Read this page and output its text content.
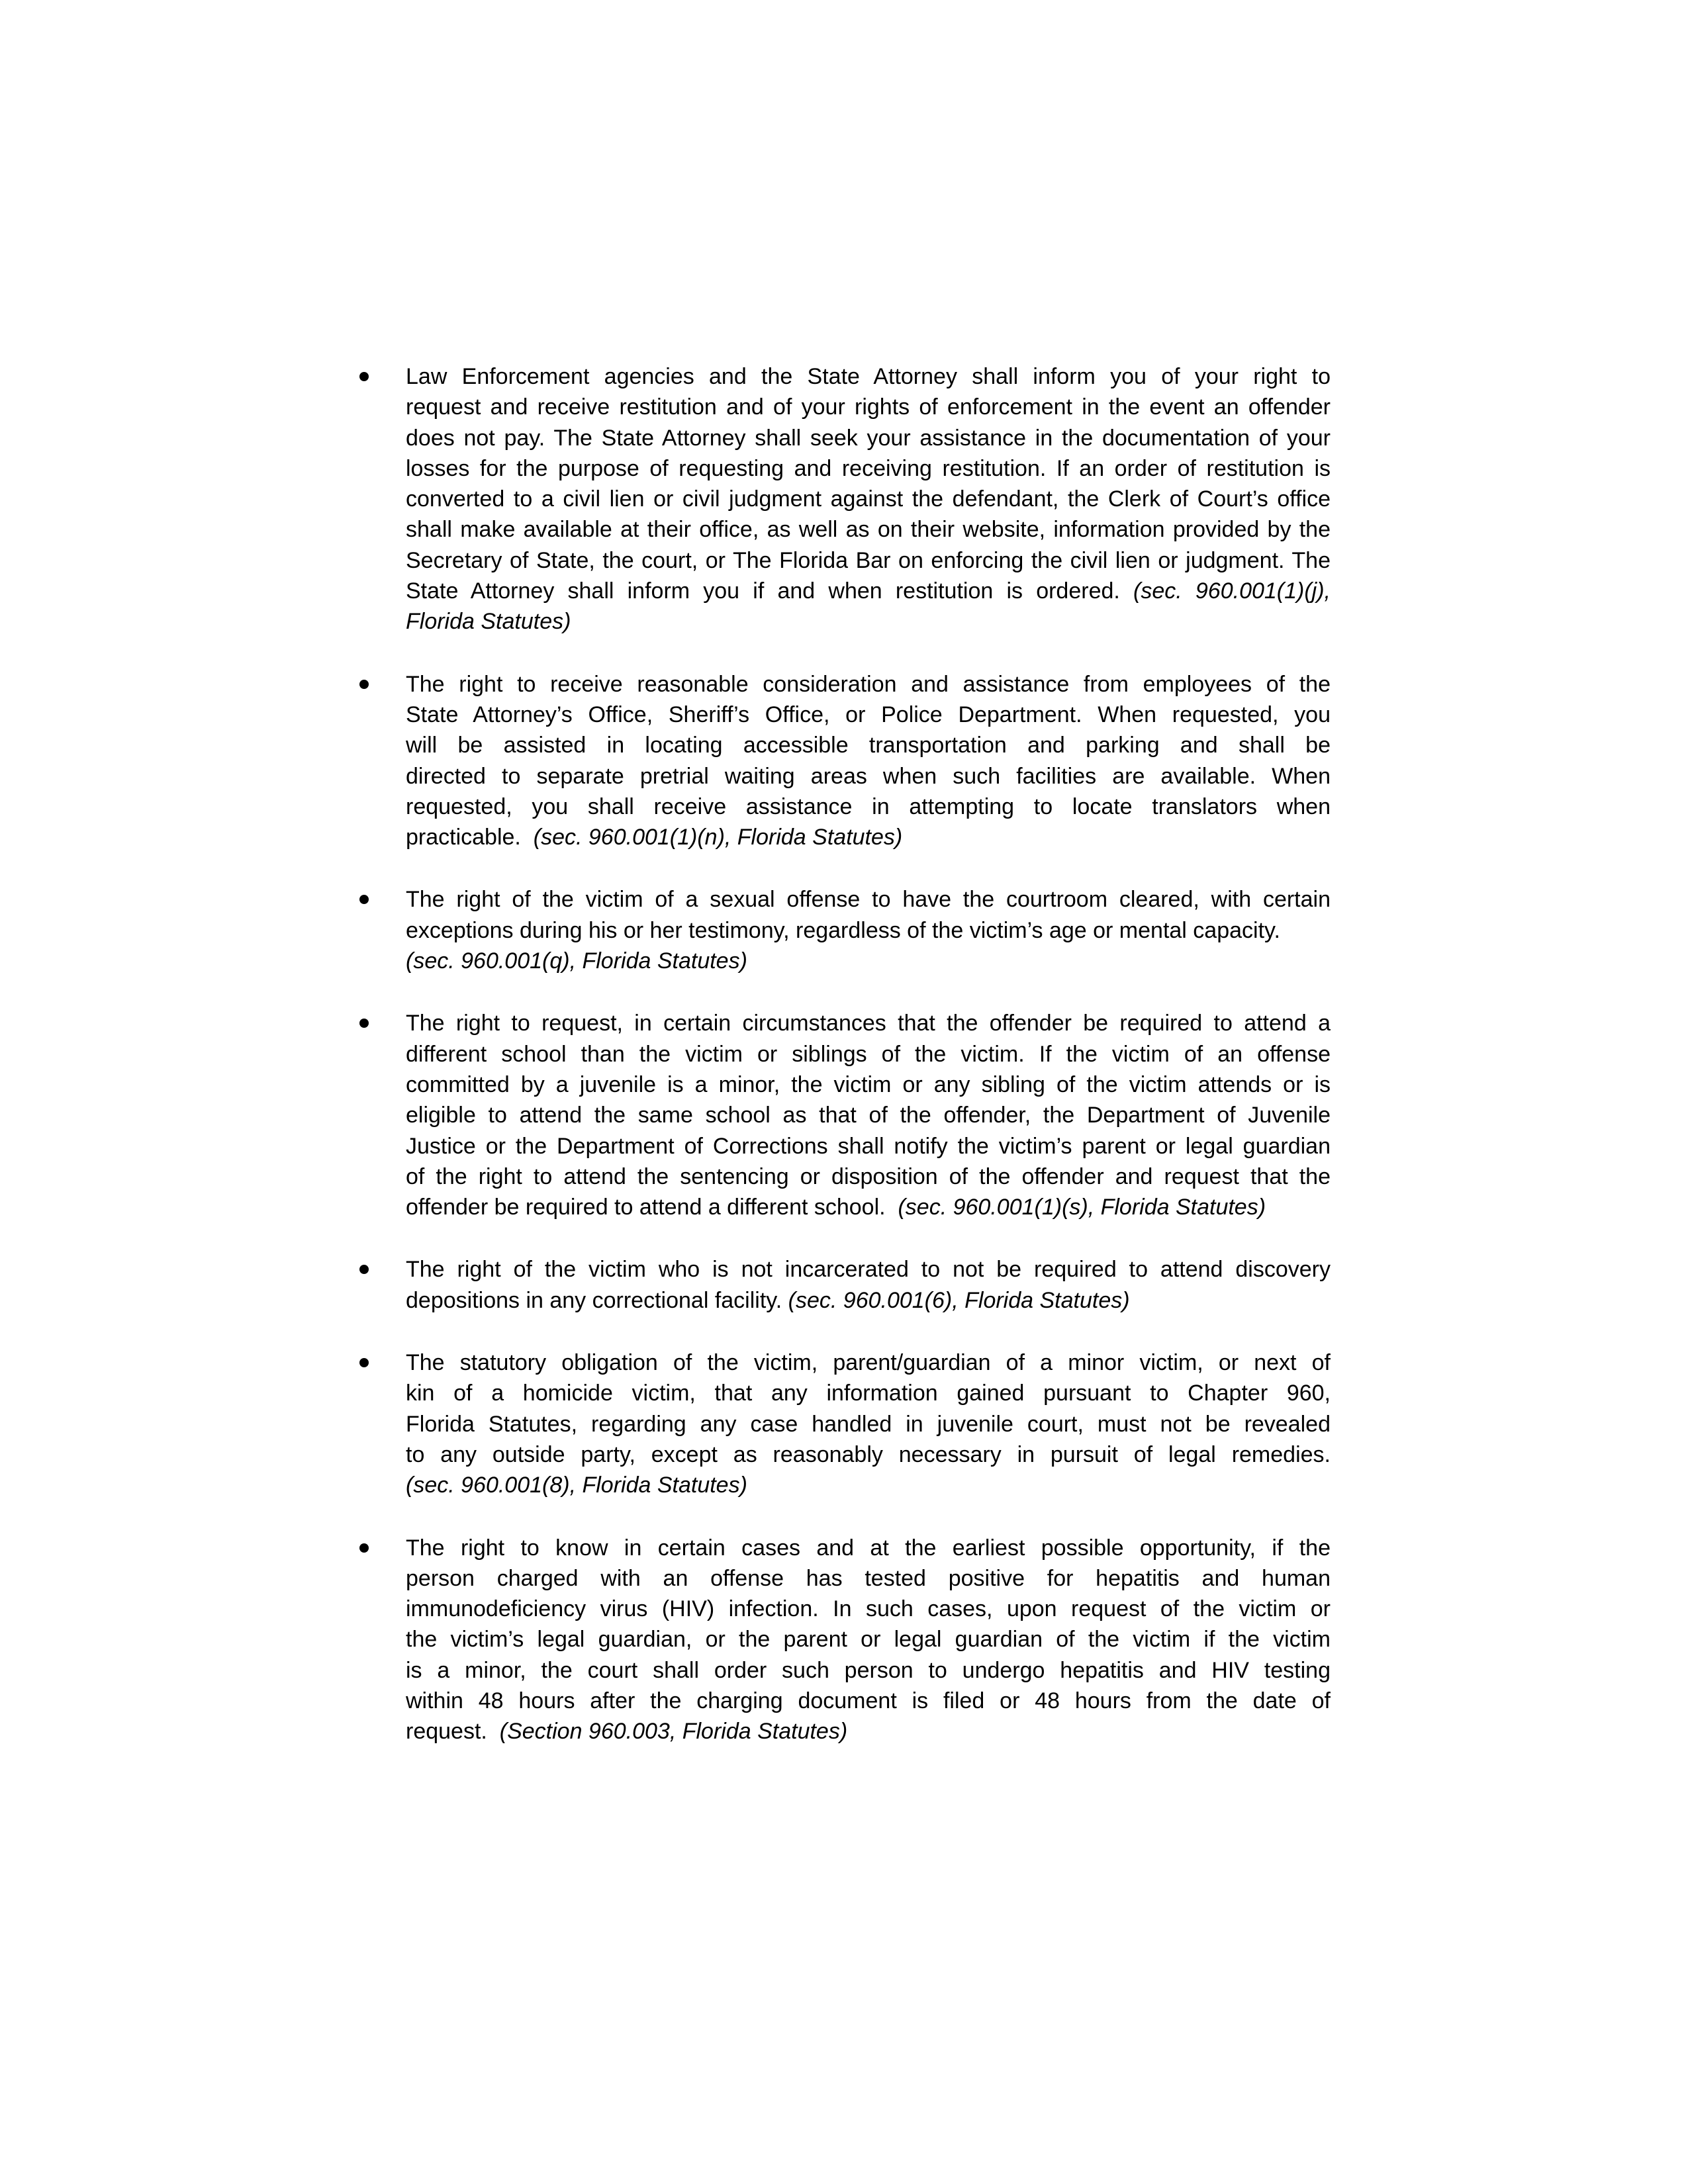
Law Enforcement agencies and the State Attorney shall inform you of your right to
request and receive restitution and of your rights of enforcement in the event an offender
does not pay. The State Attorney shall seek your assistance in the documentation of your
losses for the purpose of requesting and receiving restitution. If an order of restitution is
converted to a civil lien or civil judgment against the defendant, the Clerk of Court’s office
shall make available at their office, as well as on their website, information provided by the
Secretary of State, the court, or The Florida Bar on enforcing the civil lien or judgment. The
State Attorney shall inform you if and when restitution is ordered. (sec. 960.001(1)(j),
Florida Statutes)
The right to receive reasonable consideration and assistance from employees of the
State Attorney’s Office, Sheriff’s Office, or Police Department. When requested, you
will be assisted in locating accessible transportation and parking and shall be
directed to separate pretrial waiting areas when such facilities are available. When
requested, you shall receive assistance in attempting to locate translators when
practicable.  (sec. 960.001(1)(n), Florida Statutes)
The right of the victim of a sexual offense to have the courtroom cleared, with certain
exceptions during his or her testimony, regardless of the victim’s age or mental capacity.
(sec. 960.001(q), Florida Statutes)
The right to request, in certain circumstances that the offender be required to attend a
different school than the victim or siblings of the victim. If the victim of an offense
committed by a juvenile is a minor, the victim or any sibling of the victim attends or is
eligible to attend the same school as that of the offender, the Department of Juvenile
Justice or the Department of Corrections shall notify the victim’s parent or legal guardian
of the right to attend the sentencing or disposition of the offender and request that the
offender be required to attend a different school.  (sec. 960.001(1)(s), Florida Statutes)
The right of the victim who is not incarcerated to not be required to attend discovery
depositions in any correctional facility. (sec. 960.001(6), Florida Statutes)
The statutory obligation of the victim, parent/guardian of a minor victim, or next of
kin of a homicide victim, that any information gained pursuant to Chapter 960,
Florida Statutes, regarding any case handled in juvenile court, must not be revealed
to any outside party, except as reasonably necessary in pursuit of legal remedies.
(sec. 960.001(8), Florida Statutes)
The right to know in certain cases and at the earliest possible opportunity, if the
person charged with an offense has tested positive for hepatitis and human
immunodeficiency virus (HIV) infection. In such cases, upon request of the victim or
the victim’s legal guardian, or the parent or legal guardian of the victim if the victim
is a minor, the court shall order such person to undergo hepatitis and HIV testing
within 48 hours after the charging document is filed or 48 hours from the date of
request.  (Section 960.003, Florida Statutes)
